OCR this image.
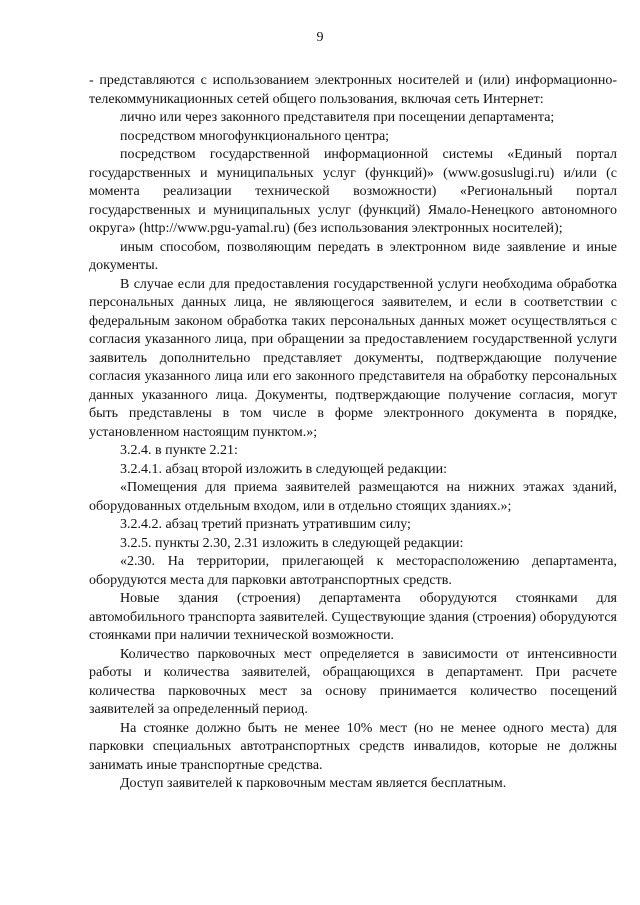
9

- представляются с использованием электронных носителей и (или) информационно-телекоммуникационных сетей общего пользования, включая сеть Интернет:

лично или через законного представителя при посещении департамента;

посредством многофункционального центра;

посредством государственной информационной системы «Единый портал государственных и муниципальных услуг (функций)» (www.gosuslugi.ru) и/или (с момента реализации технической возможности) «Региональный портал государственных и муниципальных услуг (функций) Ямало-Ненецкого автономного округа» (http://www.pgu-yamal.ru) (без использования электронных носителей);

иным способом, позволяющим передать в электронном виде заявление и иные документы.

В случае если для предоставления государственной услуги необходима обработка персональных данных лица, не являющегося заявителем, и если в соответствии с федеральным законом обработка таких персональных данных может осуществляться с согласия указанного лица, при обращении за предоставлением государственной услуги заявитель дополнительно представляет документы, подтверждающие получение согласия указанного лица или его законного представителя на обработку персональных данных указанного лица. Документы, подтверждающие получение согласия, могут быть представлены в том числе в форме электронного документа в порядке, установленном настоящим пунктом.»;

3.2.4. в пункте 2.21:

3.2.4.1. абзац второй изложить в следующей редакции:

«Помещения для приема заявителей размещаются на нижних этажах зданий, оборудованных отдельным входом, или в отдельно стоящих зданиях.»;

3.2.4.2. абзац третий признать утратившим силу;

3.2.5. пункты 2.30, 2.31 изложить в следующей редакции:

«2.30. На территории, прилегающей к месторасположению департамента, оборудуются места для парковки автотранспортных средств.

Новые здания (строения) департамента оборудуются стоянками для автомобильного транспорта заявителей. Существующие здания (строения) оборудуются стоянками при наличии технической возможности.

Количество парковочных мест определяется в зависимости от интенсивности работы и количества заявителей, обращающихся в департамент. При расчете количества парковочных мест за основу принимается количество посещений заявителей за определенный период.

На стоянке должно быть не менее 10% мест (но не менее одного места) для парковки специальных автотранспортных средств инвалидов, которые не должны занимать иные транспортные средства.

Доступ заявителей к парковочным местам является бесплатным.
